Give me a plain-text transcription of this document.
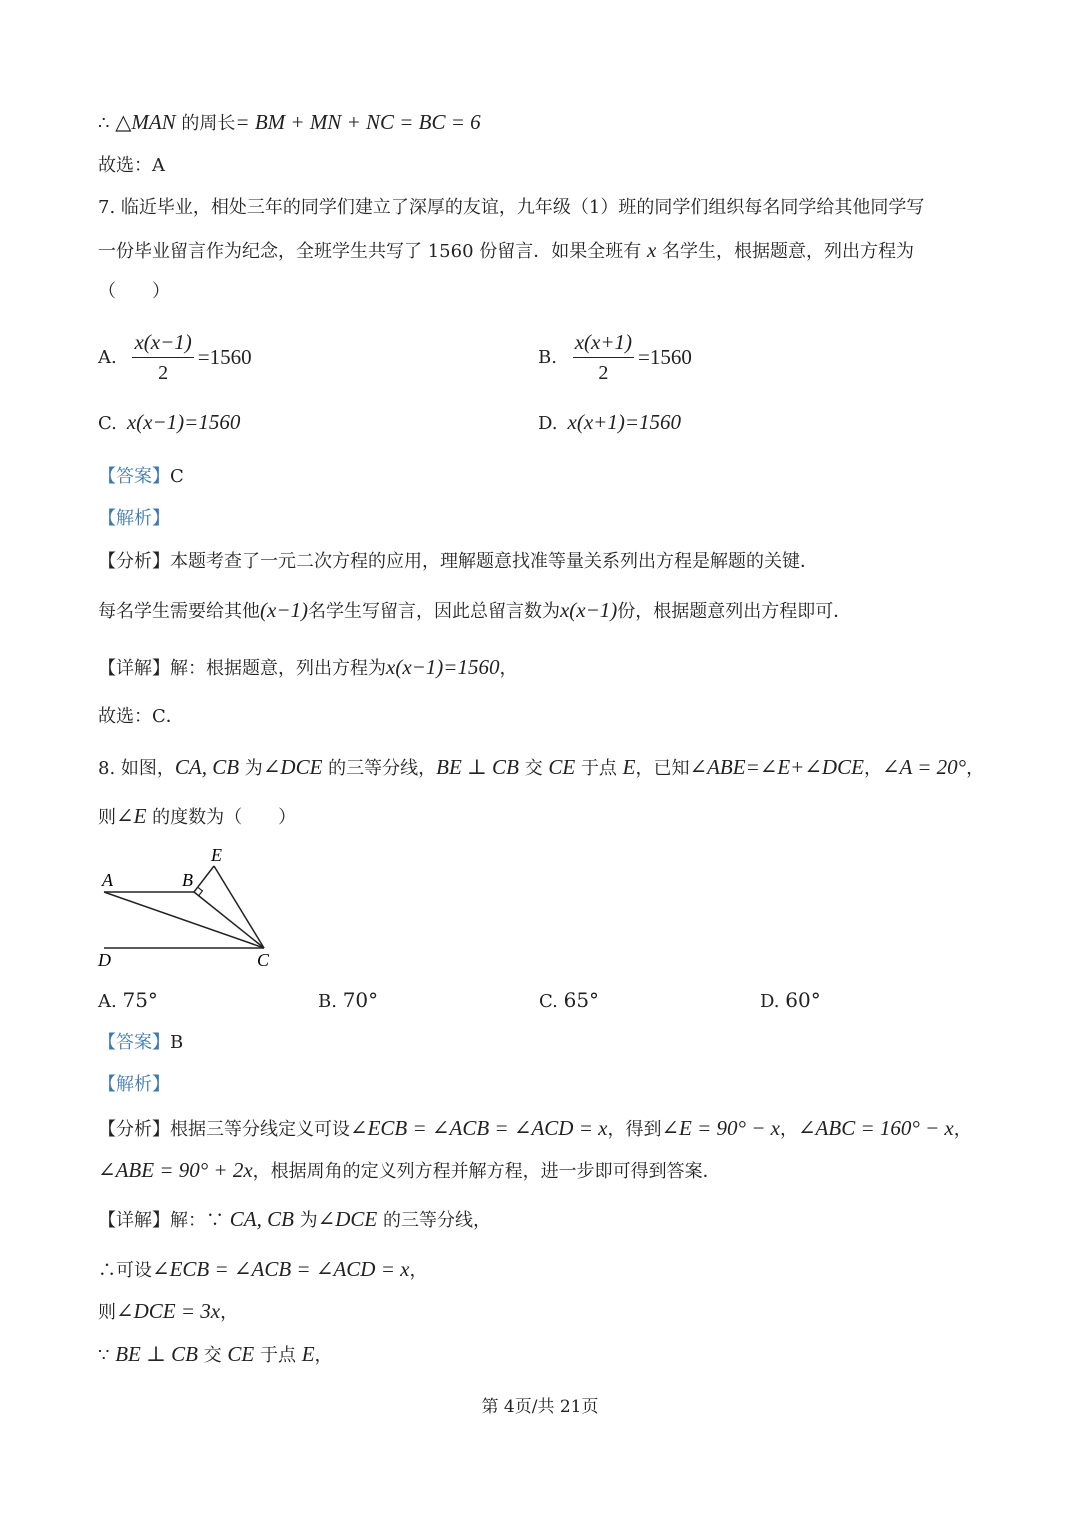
∴ △MAN 的周长= BM + MN + NC = BC = 6
故选：A
7. 临近毕业，相处三年的同学们建立了深厚的友谊，九年级（1）班的同学们组织每名同学给其他同学写
一份毕业留言作为纪念，全班学生共写了 1560 份留言．如果全班有 x 名学生，根据题意，列出方程为
（　　）
A. $\frac{x(x-1)}{2} =1560$	B. $\frac{x(x+1)}{2} =1560$
C. x(x−1)=1560	D. x(x+1)=1560
【答案】C
【解析】
【分析】本题考查了一元二次方程的应用，理解题意找准等量关系列出方程是解题的关键．
每名学生需要给其他(x−1)名学生写留言，因此总留言数为x(x−1)份，根据题意列出方程即可．
【详解】解：根据题意，列出方程为x(x−1)=1560，
故选：C．
8. 如图，CA, CB 为∠DCE 的三等分线，BE ⊥ CB 交 CE 于点 E，已知∠ABE=∠E+∠DCE，∠A = 20°，
则∠E 的度数为（　　）
A	B
E
D	C
A. 75°	B. 70°	C. 65°	D. 60°
【答案】B
【解析】
【分析】根据三等分线定义可设∠ECB = ∠ACB = ∠ACD = x，得到∠E = 90° − x，∠ABC = 160° − x，
∠ABE = 90° + 2x，根据周角的定义列方程并解方程，进一步即可得到答案．
【详解】解：∵ CA, CB 为∠DCE 的三等分线，
∴可设∠ECB = ∠ACB = ∠ACD = x，
则∠DCE = 3x，
∵ BE ⊥ CB 交 CE 于点 E，
第 4页/共 21页
